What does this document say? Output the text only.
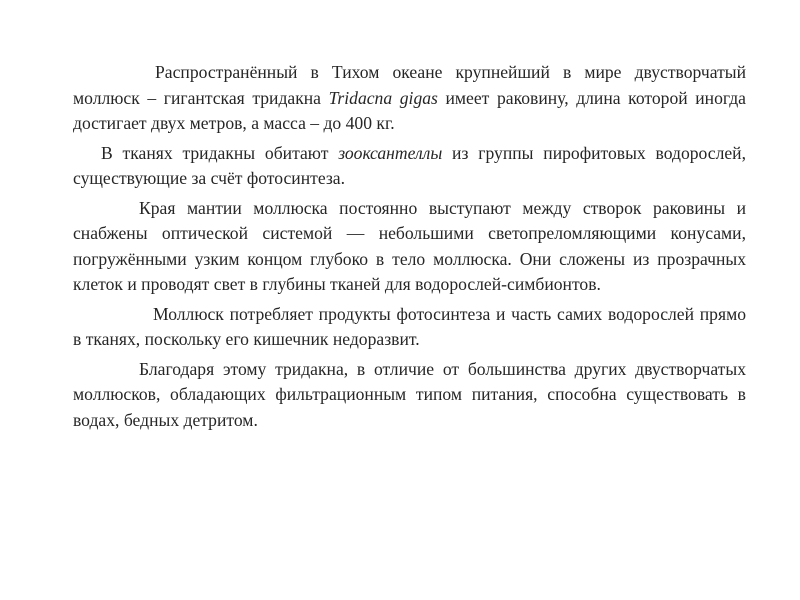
Распространённый в Тихом океане крупнейший в мире двустворчатый моллюск – гигантская тридакна Tridacna gigas имеет раковину, длина которой иногда достигает двух метров, а масса – до 400 кг.

В тканях тридакны обитают зооксантеллы из группы пирофитовых водорослей, существующие за счёт фотосинтеза.

Края мантии моллюска постоянно выступают между створок раковины и снабжены оптической системой — небольшими светопреломляющими конусами, погружёнными узким концом глубоко в тело моллюска. Они сложены из прозрачных клеток и проводят свет в глубины тканей для водорослей-симбионтов.

Моллюск потребляет продукты фотосинтеза и часть самих водорослей прямо в тканях, поскольку его кишечник недоразвит.

Благодаря этому тридакна, в отличие от большинства других двустворчатых моллюсков, обладающих фильтрационным типом питания, способна существовать в водах, бедных детритом.
